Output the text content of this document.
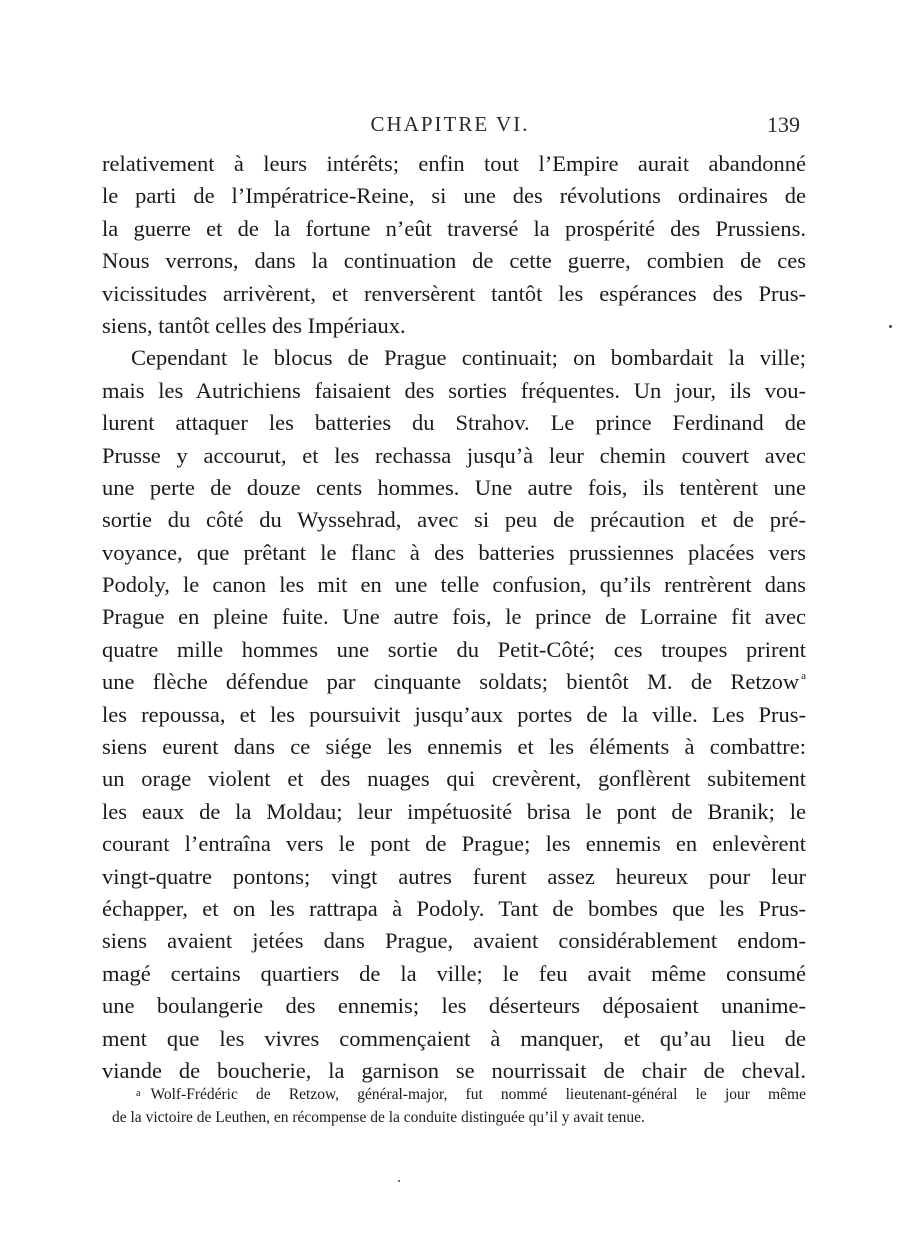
CHAPITRE VI.	139
relativement à leurs intérêts; enfin tout l’Empire aurait abandonné
le parti de l’Impératrice-Reine, si une des révolutions ordinaires de
la guerre et de la fortune n’eût traversé la prospérité des Prussiens.
Nous verrons, dans la continuation de cette guerre, combien de ces
vicissitudes arrivèrent, et renversèrent tantôt les espérances des Prus-
siens, tantôt celles des Impériaux.
Cependant le blocus de Prague continuait; on bombardait la ville;
mais les Autrichiens faisaient des sorties fréquentes. Un jour, ils vou-
lurent attaquer les batteries du Strahov. Le prince Ferdinand de
Prusse y accourut, et les rechassa jusqu’à leur chemin couvert avec
une perte de douze cents hommes. Une autre fois, ils tentèrent une
sortie du côté du Wyssehrad, avec si peu de précaution et de pré-
voyance, que prêtant le flanc à des batteries prussiennes placées vers
Podoly, le canon les mit en une telle confusion, qu’ils rentrèrent dans
Prague en pleine fuite. Une autre fois, le prince de Lorraine fit avec
quatre mille hommes une sortie du Petit-Côté; ces troupes prirent
une flèche défendue par cinquante soldats; bientôt M. de Retzow $^a$
les repoussa, et les poursuivit jusqu’aux portes de la ville. Les Prus-
siens eurent dans ce siége les ennemis et les éléments à combattre:
un orage violent et des nuages qui crevèrent, gonflèrent subitement
les eaux de la Moldau; leur impétuosité brisa le pont de Branik; le
courant l’entraîna vers le pont de Prague; les ennemis en enlevèrent
vingt-quatre pontons; vingt autres furent assez heureux pour leur
échapper, et on les rattrapa à Podoly. Tant de bombes que les Prus-
siens avaient jetées dans Prague, avaient considérablement endom-
magé certains quartiers de la ville; le feu avait même consumé
une boulangerie des ennemis; les déserteurs déposaient unanime-
ment que les vivres commençaient à manquer, et qu’au lieu de
viande de boucherie, la garnison se nourrissait de chair de cheval.
a Wolf-Frédéric de Retzow, général-major, fut nommé lieutenant-général le jour même
de la victoire de Leuthen, en récompense de la conduite distinguée qu’il y avait tenue.
